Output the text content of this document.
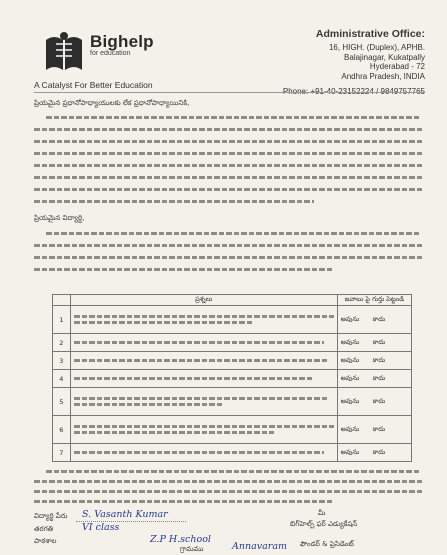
Bighelp
for education
A Catalyst For Better Education
Administrative Office:
16, HIGH. (Duplex), APHB.
Balajinagar, Kukatpally
Hyderabad - 72
Andhra Pradesh, INDIA
Phone: +91-40-23152224 / 9849757765
ప్రియమైన ప్రధానోపాధ్యాయులకు లేక ప్రధానోపాధ్యాయినికి,
ప్రియమైన విద్యార్థి,
	ప్రశ్నలు	జవాబు పై గుర్తు పెట్టండి
1		అవును కాదు
2		అవును కాదు
3		అవును కాదు
4		అవును కాదు
5		అవును కాదు
6		అవును కాదు
7		అవును కాదు
విద్యార్థి పేరు S. Vasanth Kumar
తరగతి	VI class
పాఠశాల	Z.P H.school
గ్రామము	Annavaram
మీ
బిగ్‌హెల్ప్ ఫర్ ఎడ్యుకేషన్
ఫౌండర్ & ప్రెసిడెంట్
